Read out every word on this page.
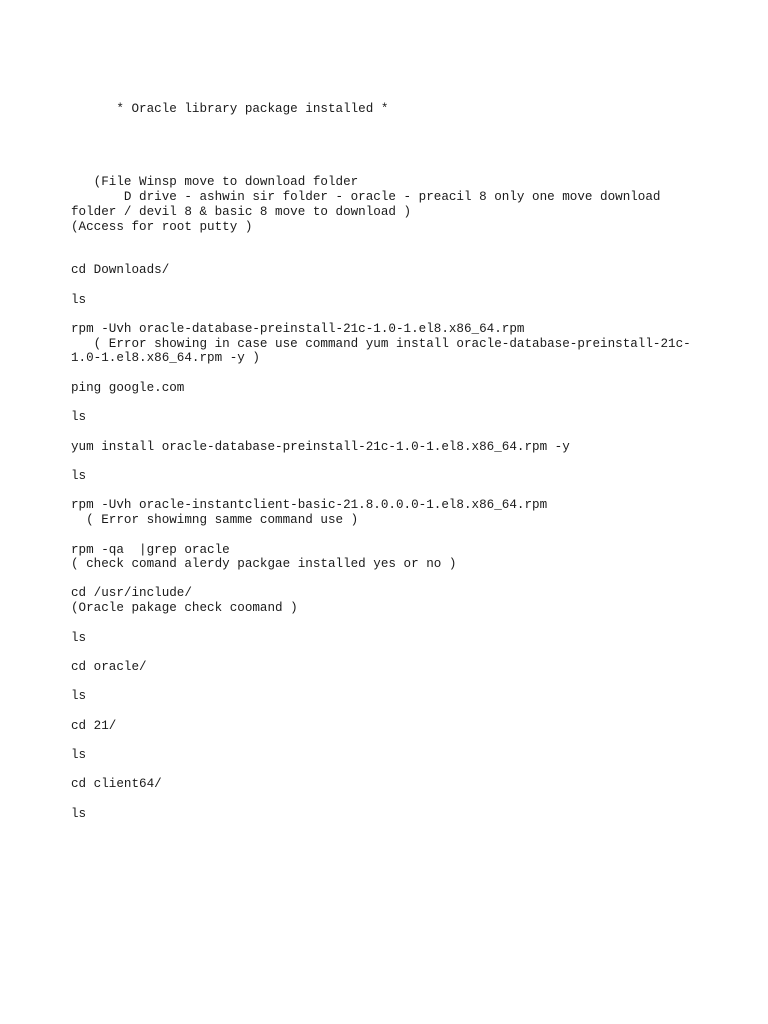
* Oracle library package installed *

(File Winsp move to download folder

D drive - ashwin sir folder - oracle - preacil 8 only one move download

folder / devil 8 & basic 8 move to download )

(Access for root putty )

cd Downloads/

ls

rpm -Uvh oracle-database-preinstall-21c-1.0-1.el8.x86_64.rpm

( Error showing in case use command yum install oracle-database-preinstall-21c-

1.0-1.el8.x86_64.rpm -y )

ping google.com

ls

yum install oracle-database-preinstall-21c-1.0-1.el8.x86_64.rpm -y

ls

rpm -Uvh oracle-instantclient-basic-21.8.0.0.0-1.el8.x86_64.rpm

( Error showimng samme command use )

rpm -qa  |grep oracle

( check comand alerdy packgae installed yes or no )

cd /usr/include/

(Oracle pakage check coomand )

ls

cd oracle/

ls

cd 21/

ls

cd client64/

ls
